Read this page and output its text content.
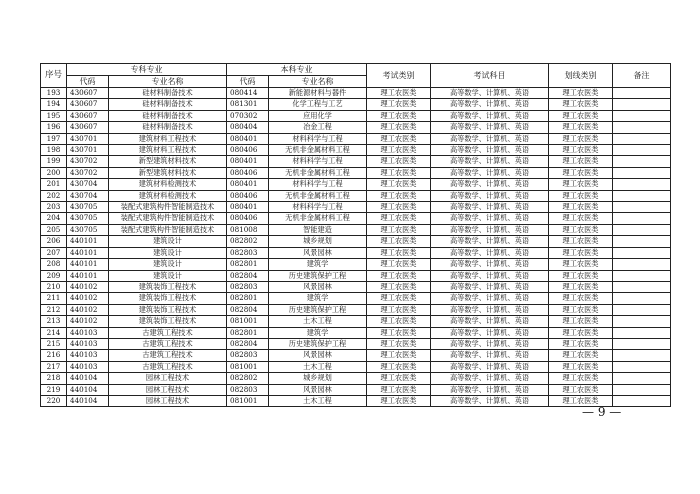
序号	专科专业		本科专业		考试类别	考试科目	划线类别	备注
	代码	专业名称	代码	专业名称				
193	430607	硅材料制备技术	080414	新能源材料与器件	理工农医类	高等数学、计算机、英语	理工农医类	
194	430607	硅材料制备技术	081301	化学工程与工艺	理工农医类	高等数学、计算机、英语	理工农医类	
195	430607	硅材料制备技术	070302	应用化学	理工农医类	高等数学、计算机、英语	理工农医类	
196	430607	硅材料制备技术	080404	冶金工程	理工农医类	高等数学、计算机、英语	理工农医类	
197	430701	建筑材料工程技术	080401	材料科学与工程	理工农医类	高等数学、计算机、英语	理工农医类	
198	430701	建筑材料工程技术	080406	无机非金属材料工程	理工农医类	高等数学、计算机、英语	理工农医类	
199	430702	新型建筑材料技术	080401	材料科学与工程	理工农医类	高等数学、计算机、英语	理工农医类	
200	430702	新型建筑材料技术	080406	无机非金属材料工程	理工农医类	高等数学、计算机、英语	理工农医类	
201	430704	建筑材料检测技术	080401	材料科学与工程	理工农医类	高等数学、计算机、英语	理工农医类	
202	430704	建筑材料检测技术	080406	无机非金属材料工程	理工农医类	高等数学、计算机、英语	理工农医类	
203	430705	装配式建筑构件智能制造技术	080401	材料科学与工程	理工农医类	高等数学、计算机、英语	理工农医类	
204	430705	装配式建筑构件智能制造技术	080406	无机非金属材料工程	理工农医类	高等数学、计算机、英语	理工农医类	
205	430705	装配式建筑构件智能制造技术	081008	智能建造	理工农医类	高等数学、计算机、英语	理工农医类	
206	440101	建筑设计	082802	城乡规划	理工农医类	高等数学、计算机、英语	理工农医类	
207	440101	建筑设计	082803	风景园林	理工农医类	高等数学、计算机、英语	理工农医类	
208	440101	建筑设计	082801	建筑学	理工农医类	高等数学、计算机、英语	理工农医类	
209	440101	建筑设计	082804	历史建筑保护工程	理工农医类	高等数学、计算机、英语	理工农医类	
210	440102	建筑装饰工程技术	082803	风景园林	理工农医类	高等数学、计算机、英语	理工农医类	
211	440102	建筑装饰工程技术	082801	建筑学	理工农医类	高等数学、计算机、英语	理工农医类	
212	440102	建筑装饰工程技术	082804	历史建筑保护工程	理工农医类	高等数学、计算机、英语	理工农医类	
213	440102	建筑装饰工程技术	081001	土木工程	理工农医类	高等数学、计算机、英语	理工农医类	
214	440103	古建筑工程技术	082801	建筑学	理工农医类	高等数学、计算机、英语	理工农医类	
215	440103	古建筑工程技术	082804	历史建筑保护工程	理工农医类	高等数学、计算机、英语	理工农医类	
216	440103	古建筑工程技术	082803	风景园林	理工农医类	高等数学、计算机、英语	理工农医类	
217	440103	古建筑工程技术	081001	土木工程	理工农医类	高等数学、计算机、英语	理工农医类	
218	440104	园林工程技术	082802	城乡规划	理工农医类	高等数学、计算机、英语	理工农医类	
219	440104	园林工程技术	082803	风景园林	理工农医类	高等数学、计算机、英语	理工农医类	
220	440104	园林工程技术	081001	土木工程	理工农医类	高等数学、计算机、英语	理工农医类	
— 9 —
